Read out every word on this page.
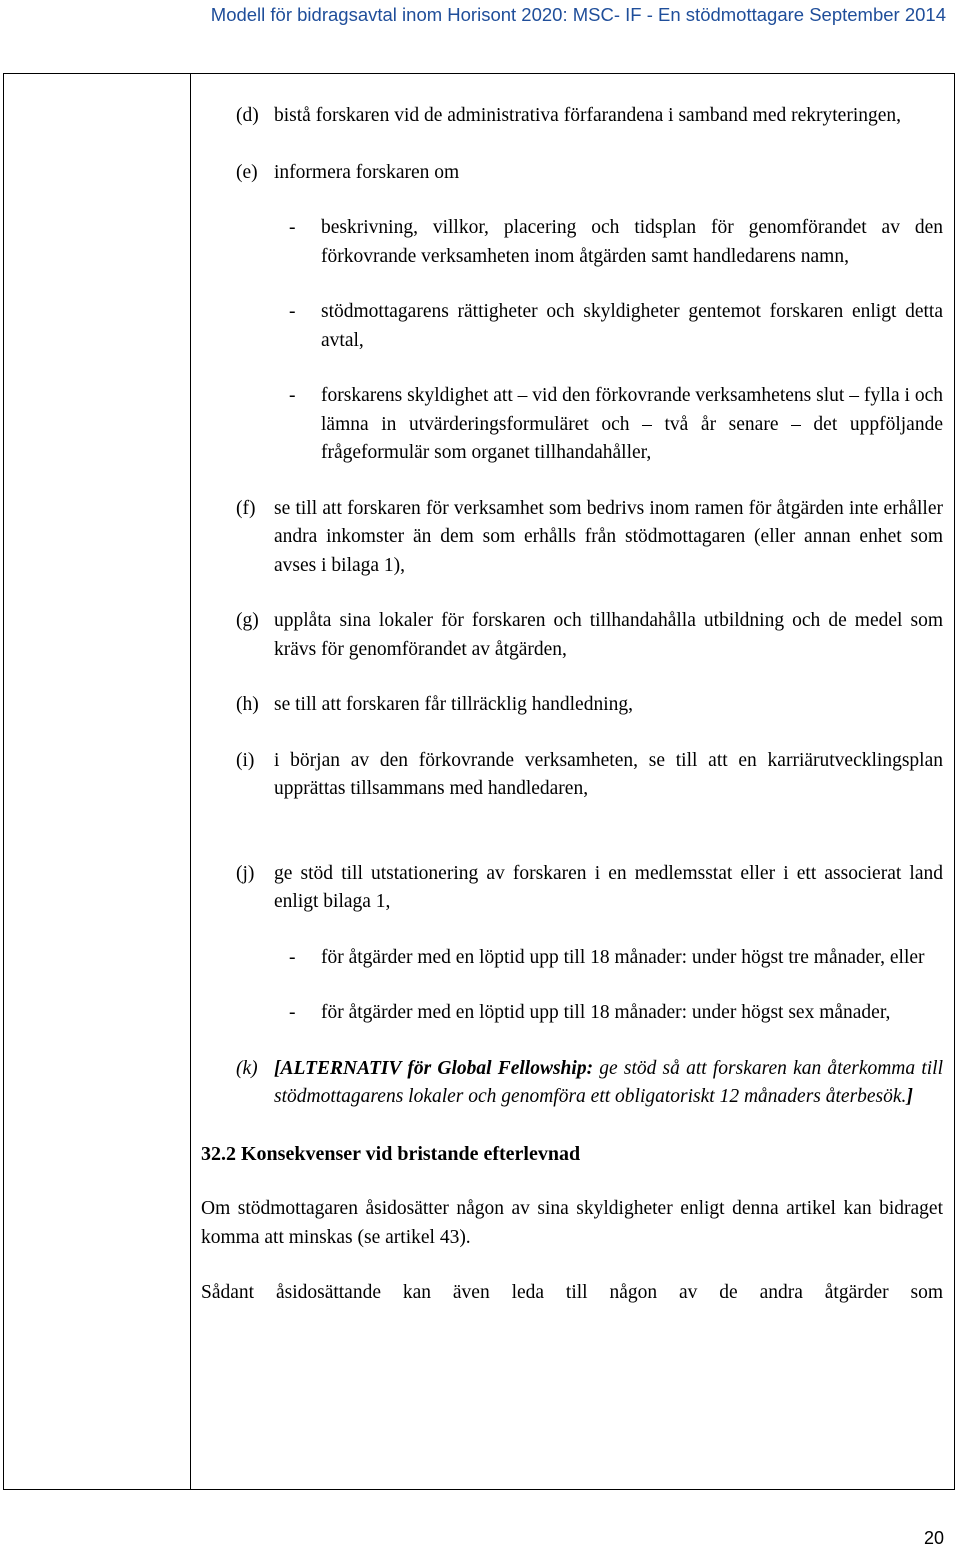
Modell för bidragsavtal inom Horisont 2020: MSC- IF - En stödmottagare September 2014
(d) bistå forskaren vid de administrativa förfarandena i samband med rekryteringen,
(e) informera forskaren om
- beskrivning, villkor, placering och tidsplan för genomförandet av den förkovrande verksamheten inom åtgärden samt handledarens namn,
- stödmottagarens rättigheter och skyldigheter gentemot forskaren enligt detta avtal,
- forskarens skyldighet att – vid den förkovrande verksamhetens slut – fylla i och lämna in utvärderingsformuläret och – två år senare – det uppföljande frågeformulär som organet tillhandahåller,
(f) se till att forskaren för verksamhet som bedrivs inom ramen för åtgärden inte erhåller andra inkomster än dem som erhålls från stödmottagaren (eller annan enhet som avses i bilaga 1),
(g) upplåta sina lokaler för forskaren och tillhandahålla utbildning och de medel som krävs för genomförandet av åtgärden,
(h) se till att forskaren får tillräcklig handledning,
(i) i början av den förkovrande verksamheten, se till att en karriärutvecklingsplan upprättas tillsammans med handledaren,
(j) ge stöd till utstationering av forskaren i en medlemsstat eller i ett associerat land enligt bilaga 1,
- för åtgärder med en löptid upp till 18 månader: under högst tre månader, eller
- för åtgärder med en löptid upp till 18 månader: under högst sex månader,
(k) [ALTERNATIV för Global Fellowship: ge stöd så att forskaren kan återkomma till stödmottagarens lokaler och genomföra ett obligatoriskt 12 månaders återbesök.]
32.2 Konsekvenser vid bristande efterlevnad
Om stödmottagaren åsidosätter någon av sina skyldigheter enligt denna artikel kan bidraget komma att minskas (se artikel 43).
Sådant åsidosättande kan även leda till någon av de andra åtgärder som
20
